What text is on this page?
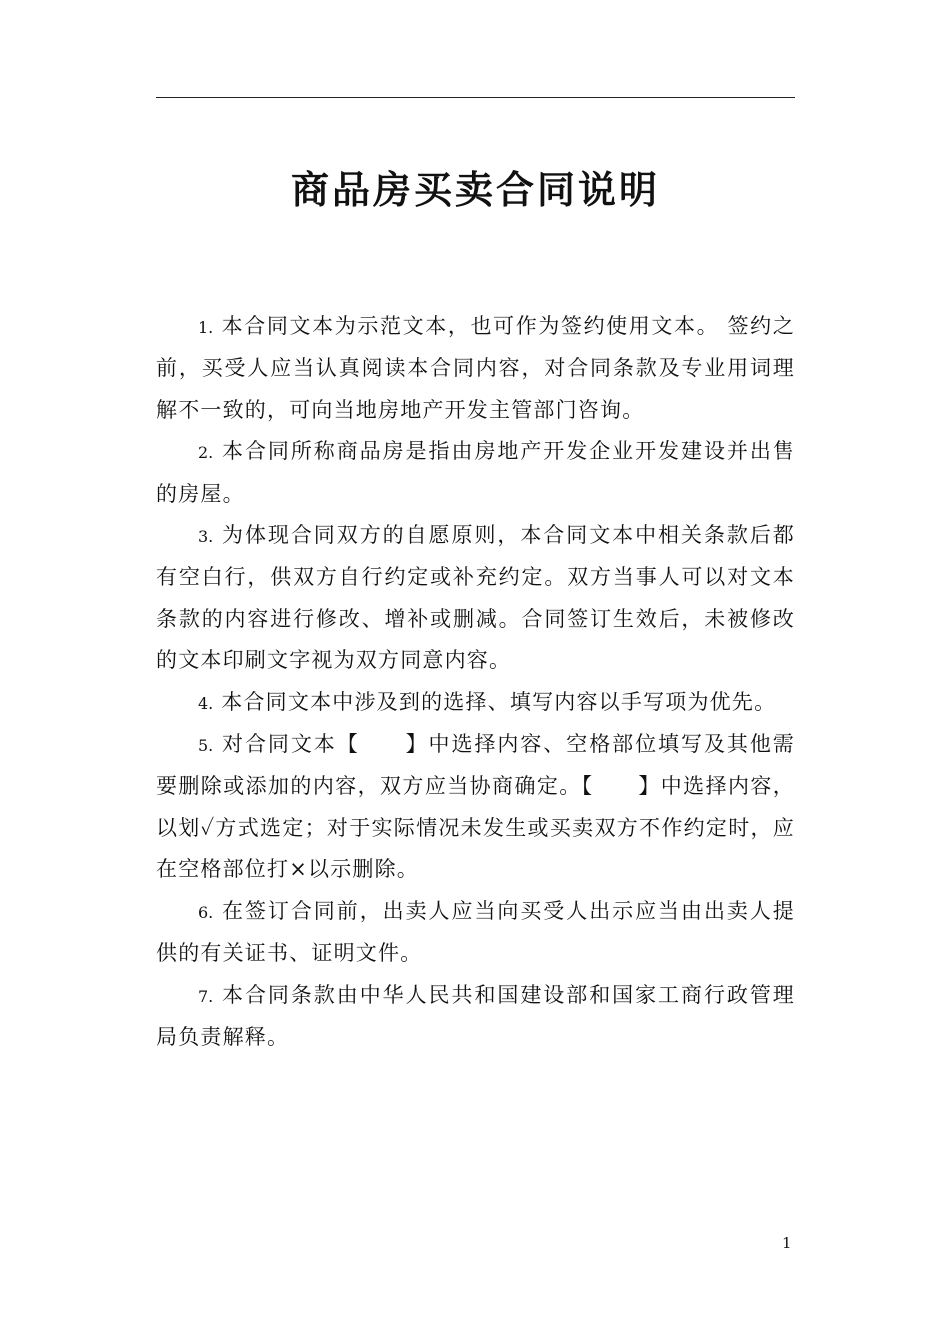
商品房买卖合同说明

1. 本合同文本为示范文本，也可作为签约使用文本。 签约之前，买受人应当认真阅读本合同内容，对合同条款及专业用词理解不一致的，可向当地房地产开发主管部门咨询。

2. 本合同所称商品房是指由房地产开发企业开发建设并出售的房屋。

3. 为体现合同双方的自愿原则，本合同文本中相关条款后都有空白行，供双方自行约定或补充约定。双方当事人可以对文本条款的内容进行修改、增补或删减。合同签订生效后，未被修改的文本印刷文字视为双方同意内容。

4. 本合同文本中涉及到的选择、填写内容以手写项为优先。

5. 对合同文本【　　】中选择内容、空格部位填写及其他需要删除或添加的内容，双方应当协商确定。【　　】中选择内容，以划✓方式选定；对于实际情况未发生或买卖双方不作约定时，应在空格部位打×以示删除。

6. 在签订合同前，出卖人应当向买受人出示应当由出卖人提供的有关证书、证明文件。

7. 本合同条款由中华人民共和国建设部和国家工商行政管理局负责解释。

1
